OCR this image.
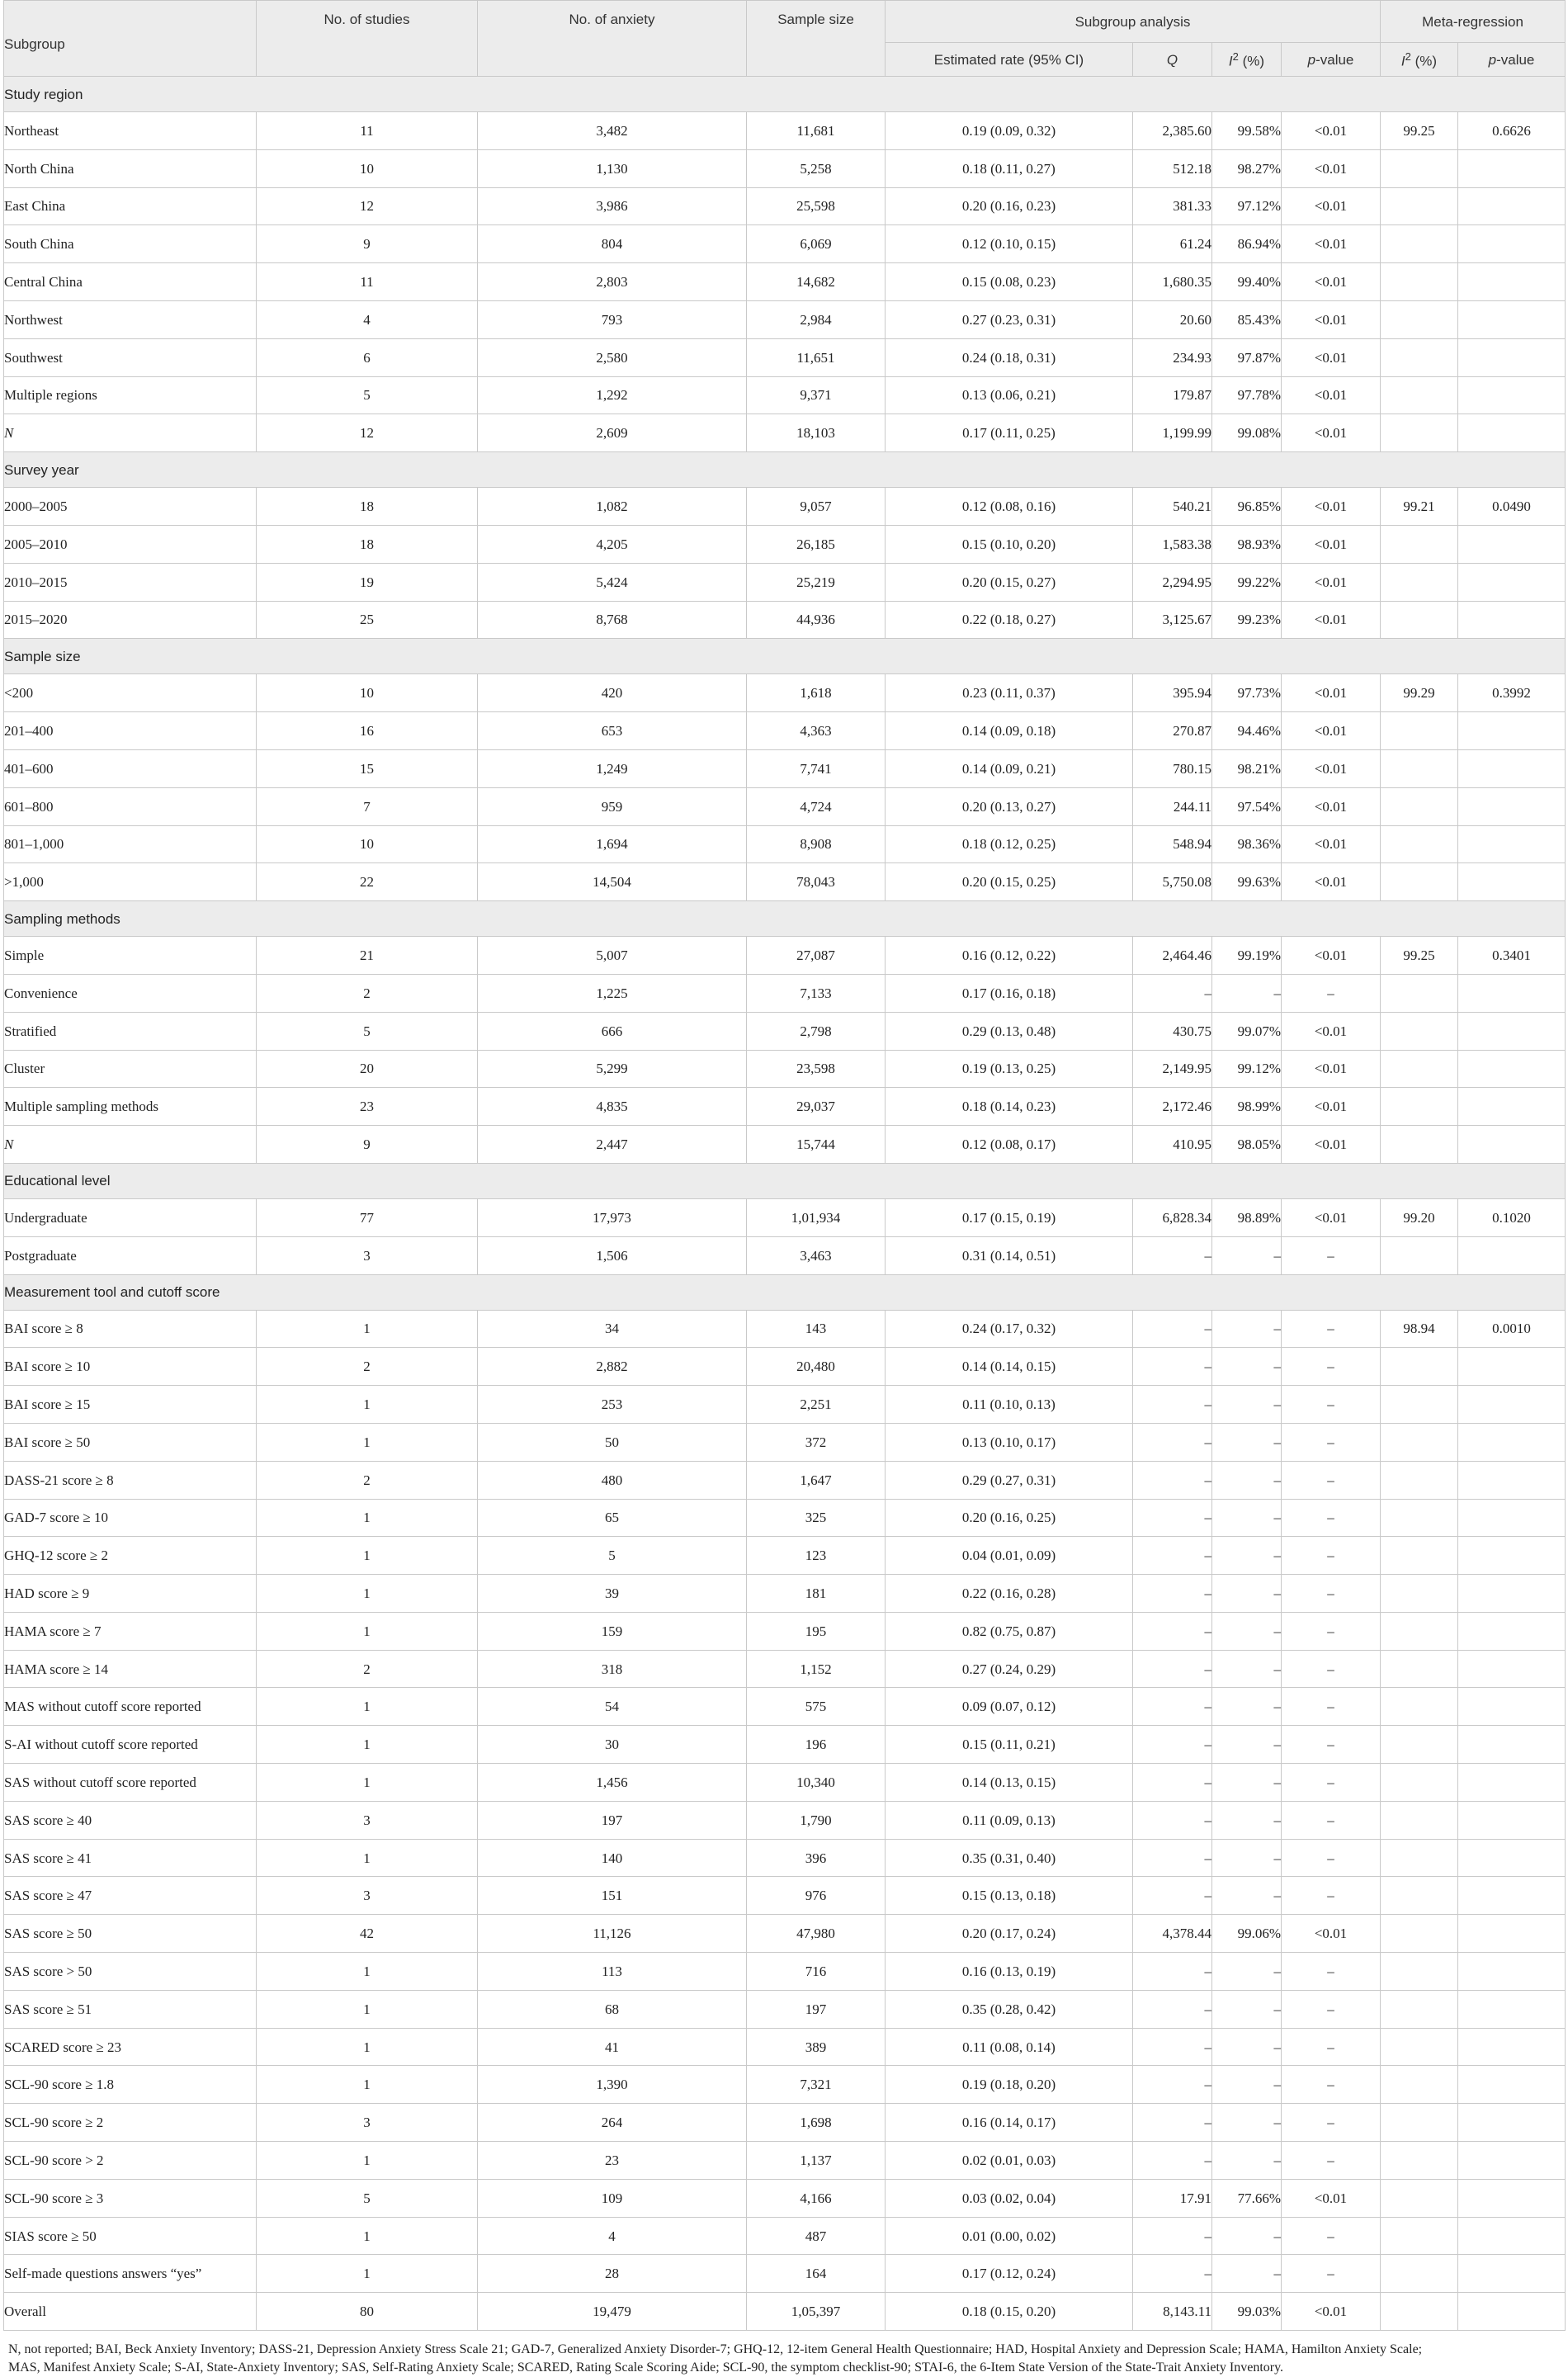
Subgroup	No. of studies	No. of anxiety	Sample size	Subgroup analysis				Meta-regression	
				Estimated rate (95% CI)	Q	$I^2$ (%)	p-value	$I^2$ (%)	p-value
Study region									
Northeast	11	3,482	11,681	0.19 (0.09, 0.32)	2,385.60	99.58%	<0.01	99.25	0.6626
North China	10	1,130	5,258	0.18 (0.11, 0.27)	512.18	98.27%	<0.01		
East China	12	3,986	25,598	0.20 (0.16, 0.23)	381.33	97.12%	<0.01		
South China	9	804	6,069	0.12 (0.10, 0.15)	61.24	86.94%	<0.01		
Central China	11	2,803	14,682	0.15 (0.08, 0.23)	1,680.35	99.40%	<0.01		
Northwest	4	793	2,984	0.27 (0.23, 0.31)	20.60	85.43%	<0.01		
Southwest	6	2,580	11,651	0.24 (0.18, 0.31)	234.93	97.87%	<0.01		
Multiple regions	5	1,292	9,371	0.13 (0.06, 0.21)	179.87	97.78%	<0.01		
N	12	2,609	18,103	0.17 (0.11, 0.25)	1,199.99	99.08%	<0.01		
Survey year									
2000–2005	18	1,082	9,057	0.12 (0.08, 0.16)	540.21	96.85%	<0.01	99.21	0.0490
2005–2010	18	4,205	26,185	0.15 (0.10, 0.20)	1,583.38	98.93%	<0.01		
2010–2015	19	5,424	25,219	0.20 (0.15, 0.27)	2,294.95	99.22%	<0.01		
2015–2020	25	8,768	44,936	0.22 (0.18, 0.27)	3,125.67	99.23%	<0.01		
Sample size									
<200	10	420	1,618	0.23 (0.11, 0.37)	395.94	97.73%	<0.01	99.29	0.3992
201–400	16	653	4,363	0.14 (0.09, 0.18)	270.87	94.46%	<0.01		
401–600	15	1,249	7,741	0.14 (0.09, 0.21)	780.15	98.21%	<0.01		
601–800	7	959	4,724	0.20 (0.13, 0.27)	244.11	97.54%	<0.01		
801–1,000	10	1,694	8,908	0.18 (0.12, 0.25)	548.94	98.36%	<0.01		
>1,000	22	14,504	78,043	0.20 (0.15, 0.25)	5,750.08	99.63%	<0.01		
Sampling methods									
Simple	21	5,007	27,087	0.16 (0.12, 0.22)	2,464.46	99.19%	<0.01	99.25	0.3401
Convenience	2	1,225	7,133	0.17 (0.16, 0.18)	–	–	–		
Stratified	5	666	2,798	0.29 (0.13, 0.48)	430.75	99.07%	<0.01		
Cluster	20	5,299	23,598	0.19 (0.13, 0.25)	2,149.95	99.12%	<0.01		
Multiple sampling methods	23	4,835	29,037	0.18 (0.14, 0.23)	2,172.46	98.99%	<0.01		
N	9	2,447	15,744	0.12 (0.08, 0.17)	410.95	98.05%	<0.01		
Educational level									
Undergraduate	77	17,973	1,01,934	0.17 (0.15, 0.19)	6,828.34	98.89%	<0.01	99.20	0.1020
Postgraduate	3	1,506	3,463	0.31 (0.14, 0.51)	–	–	–		
Measurement tool and cutoff score									
BAI score ≥ 8	1	34	143	0.24 (0.17, 0.32)	–	–	–	98.94	0.0010
BAI score ≥ 10	2	2,882	20,480	0.14 (0.14, 0.15)	–	–	–		
BAI score ≥ 15	1	253	2,251	0.11 (0.10, 0.13)	–	–	–		
BAI score ≥ 50	1	50	372	0.13 (0.10, 0.17)	–	–	–		
DASS-21 score ≥ 8	2	480	1,647	0.29 (0.27, 0.31)	–	–	–		
GAD-7 score ≥ 10	1	65	325	0.20 (0.16, 0.25)	–	–	–		
GHQ-12 score ≥ 2	1	5	123	0.04 (0.01, 0.09)	–	–	–		
HAD score ≥ 9	1	39	181	0.22 (0.16, 0.28)	–	–	–		
HAMA score ≥ 7	1	159	195	0.82 (0.75, 0.87)	–	–	–		
HAMA score ≥ 14	2	318	1,152	0.27 (0.24, 0.29)	–	–	–		
MAS without cutoff score reported	1	54	575	0.09 (0.07, 0.12)	–	–	–		
S-AI without cutoff score reported	1	30	196	0.15 (0.11, 0.21)	–	–	–		
SAS without cutoff score reported	1	1,456	10,340	0.14 (0.13, 0.15)	–	–	–		
SAS score ≥ 40	3	197	1,790	0.11 (0.09, 0.13)	–	–	–		
SAS score ≥ 41	1	140	396	0.35 (0.31, 0.40)	–	–	–		
SAS score ≥ 47	3	151	976	0.15 (0.13, 0.18)	–	–	–		
SAS score ≥ 50	42	11,126	47,980	0.20 (0.17, 0.24)	4,378.44	99.06%	<0.01		
SAS score > 50	1	113	716	0.16 (0.13, 0.19)	–	–	–		
SAS score ≥ 51	1	68	197	0.35 (0.28, 0.42)	–	–	–		
SCARED score ≥ 23	1	41	389	0.11 (0.08, 0.14)	–	–	–		
SCL-90 score ≥ 1.8	1	1,390	7,321	0.19 (0.18, 0.20)	–	–	–		
SCL-90 score ≥ 2	3	264	1,698	0.16 (0.14, 0.17)	–	–	–		
SCL-90 score > 2	1	23	1,137	0.02 (0.01, 0.03)	–	–	–		
SCL-90 score ≥ 3	5	109	4,166	0.03 (0.02, 0.04)	17.91	77.66%	<0.01		
SIAS score ≥ 50	1	4	487	0.01 (0.00, 0.02)	–	–	–		
Self-made questions answers “yes”	1	28	164	0.17 (0.12, 0.24)	–	–	–		
Overall	80	19,479	1,05,397	0.18 (0.15, 0.20)	8,143.11	99.03%	<0.01		
N, not reported; BAI, Beck Anxiety Inventory; DASS-21, Depression Anxiety Stress Scale 21; GAD-7, Generalized Anxiety Disorder-7; GHQ-12, 12-item General Health Questionnaire; HAD, Hospital Anxiety and Depression Scale; HAMA, Hamilton Anxiety Scale;
MAS, Manifest Anxiety Scale; S-AI, State-Anxiety Inventory; SAS, Self-Rating Anxiety Scale; SCARED, Rating Scale Scoring Aide; SCL-90, the symptom checklist-90; STAI-6, the 6-Item State Version of the State-Trait Anxiety Inventory.
